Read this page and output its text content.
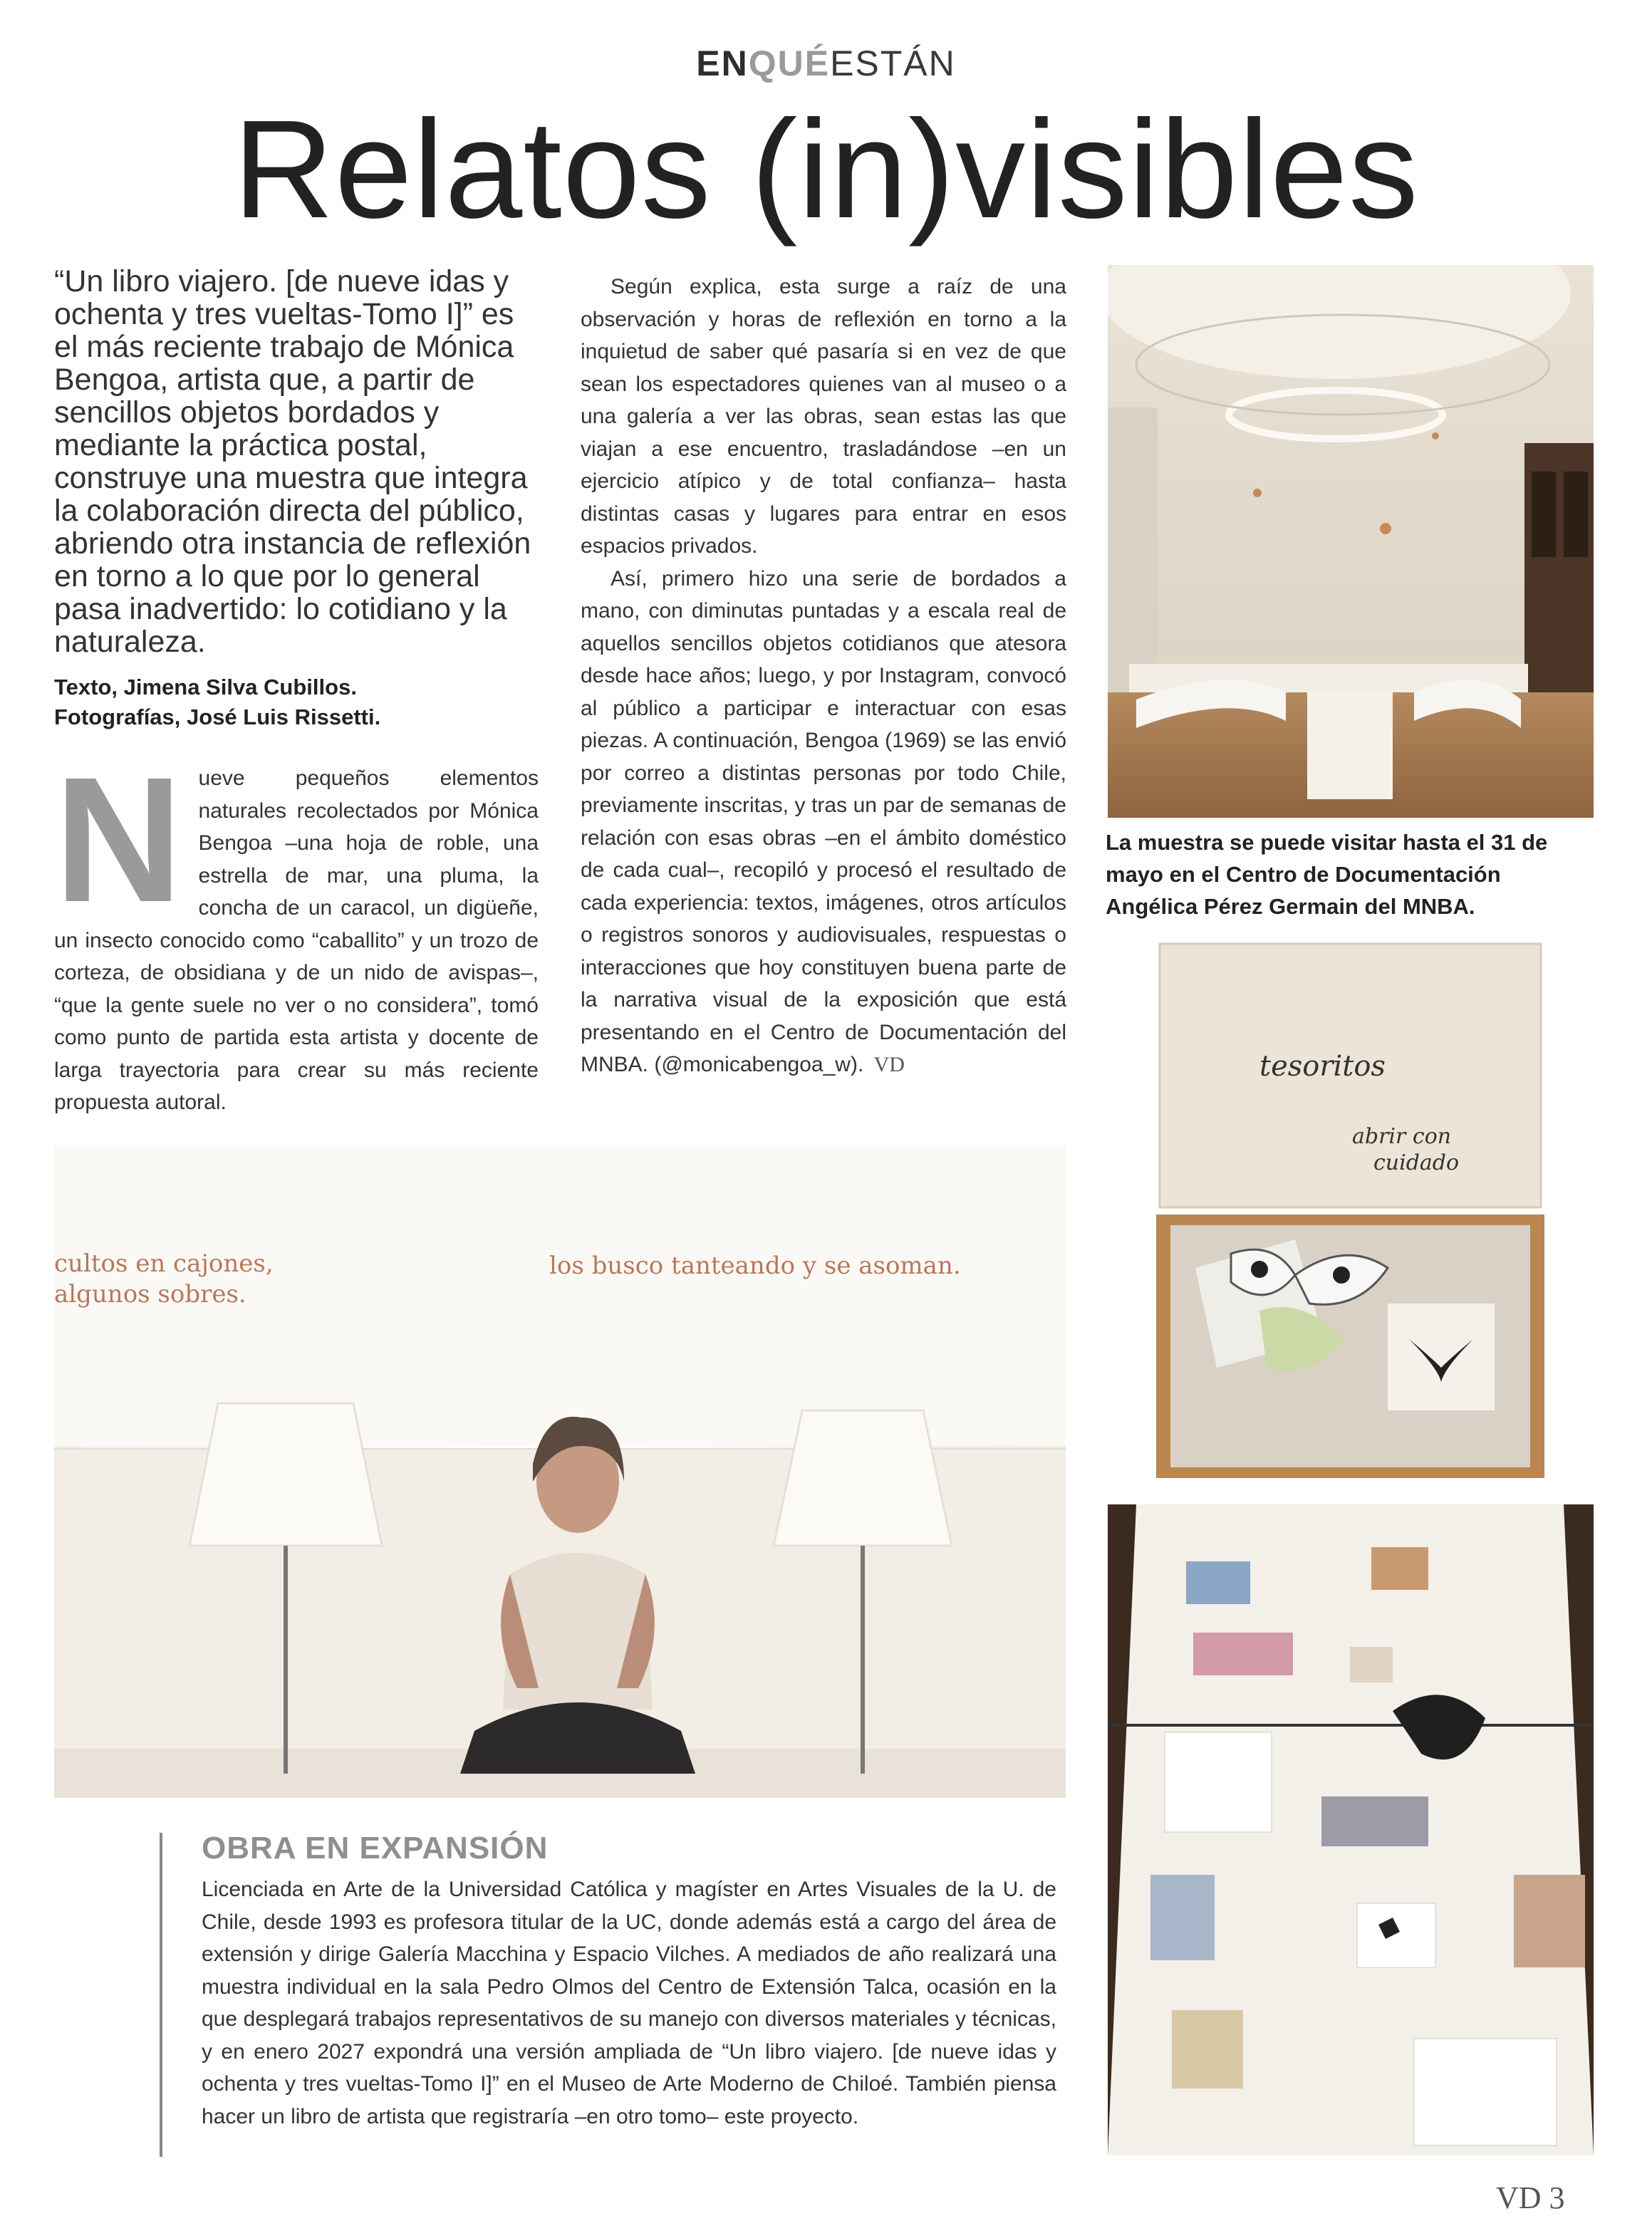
ENQUÉESTÁN
Relatos (in)visibles
“Un libro viajero. [de nueve idas y ochenta y tres vueltas-Tomo I]” es el más reciente trabajo de Mónica Bengoa, artista que, a partir de sencillos objetos bordados y mediante la práctica postal, construye una muestra que integra la colaboración directa del público, abriendo otra instancia de reflexión en torno a lo que por lo general pasa inadvertido: lo cotidiano y la naturaleza.
Texto, Jimena Silva Cubillos.
Fotografías, José Luis Rissetti.
Nueve pequeños elementos naturales recolectados por Mónica Bengoa –una hoja de roble, una estrella de mar, una pluma, la concha de un caracol, un digüeñe, un insecto conocido como “caballito” y un trozo de corteza, de obsidiana y de un nido de avispas–, “que la gente suele no ver o no considera”, tomó como punto de partida esta artista y docente de larga trayectoria para crear su más reciente propuesta autoral.

Según explica, esta surge a raíz de una observación y horas de reflexión en torno a la inquietud de saber qué pasaría si en vez de que sean los espectadores quienes van al museo o a una galería a ver las obras, sean estas las que viajan a ese encuentro, trasladándose –en un ejercicio atípico y de total confianza– hasta distintas casas y lugares para entrar en esos espacios privados.

Así, primero hizo una serie de bordados a mano, con diminutas puntadas y a escala real de aquellos sencillos objetos cotidianos que atesora desde hace años; luego, y por Instagram, convocó al público a participar e interactuar con esas piezas. A continuación, Bengoa (1969) se las envió por correo a distintas personas por todo Chile, previamente inscritas, y tras un par de semanas de relación con esas obras –en el ámbito doméstico de cada cual–, recopiló y procesó el resultado de cada experiencia: textos, imágenes, otros artículos o registros sonoros y audiovisuales, respuestas o interacciones que hoy constituyen buena parte de la narrativa visual de la exposición que está presentando en el Centro de Documentación del MNBA. (@monicabengoa_w). VD

La muestra se puede visitar hasta el 31 de mayo en el Centro de Documentación Angélica Pérez Germain del MNBA.
tesoritos
abrir con
cuidado
cultos en cajones,
algunos sobres.
los busco tanteando y se asoman.
OBRA EN EXPANSIÓN
Licenciada en Arte de la Universidad Católica y magíster en Artes Visuales de la U. de Chile, desde 1993 es profesora titular de la UC, donde además está a cargo del área de extensión y dirige Galería Macchina y Espacio Vilches. A mediados de año realizará una muestra individual en la sala Pedro Olmos del Centro de Extensión Talca, ocasión en la que desplegará trabajos representativos de su manejo con diversos materiales y técnicas, y en enero 2027 expondrá una versión ampliada de “Un libro viajero. [de nueve idas y ochenta y tres vueltas-Tomo I]” en el Museo de Arte Moderno de Chiloé. También piensa hacer un libro de artista que registraría –en otro tomo– este proyecto.
VD 3
